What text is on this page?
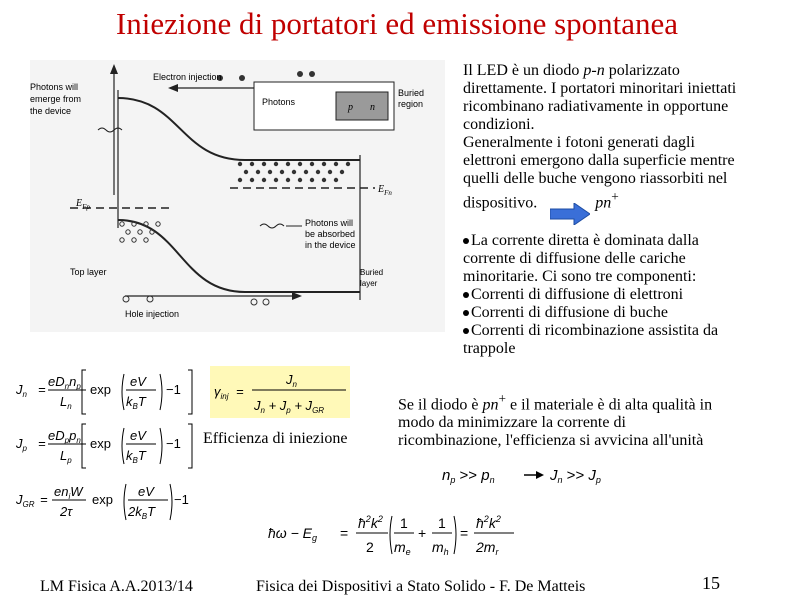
Iniezione di portatori ed emissione spontanea
Electron injection
Hole injection
Photons will
emerge from
the device
Photons	p n
Buried
region
$E_{Fn}$
$E_{Fp}$
Photons will
be absorbed
in the device
Top layer	Buried
layer
Il LED è un diodo p-n polarizzato
direttamente. I portatori minoritari iniettati
ricombinano radiativamente in opportune
condizioni.
Generalmente i fotoni generati dagli
elettroni emergono dalla superficie mentre
quelli delle buche vengono riassorbiti nel
dispositivo.	pn+
La corrente diretta è dominata dalla
corrente di diffusione delle cariche
minoritarie. Ci sono tre componenti:
Correnti di diffusione di elettroni
Correnti di diffusione di buche
Correnti di ricombinazione assistita da
trappole
$J_n$ =
$eD_nn_p$
$L_n$
exp
eV
$k_BT$
−1
$J_p$ =
$eD_pp_n$
$L_p$
exp
eV
$k_BT$
−1
$J_{GR}$ =
$en_iW$
2τ
exp
eV
$2k_BT$
−1
$\gamma_{inj}$ =
$J_n$
$J_n + J_p + J_{GR}$
Efficienza di iniezione
Se il diodo è pn+ e il materiale è di alta qualità in
modo da minimizzare la corrente di
ricombinazione, l'efficienza si avvicina all'unità
$n_p >> p_n$	$J_n >> J_p$
ħω − $E_g$ =
$ħ^2k^2$
2
1
$m_e$
+
1
$m_h$
=
$ħ^2k^2$
$2m_r$
LM Fisica A.A.2013/14	Fisica dei Dispositivi a Stato Solido - F. De Matteis	15
